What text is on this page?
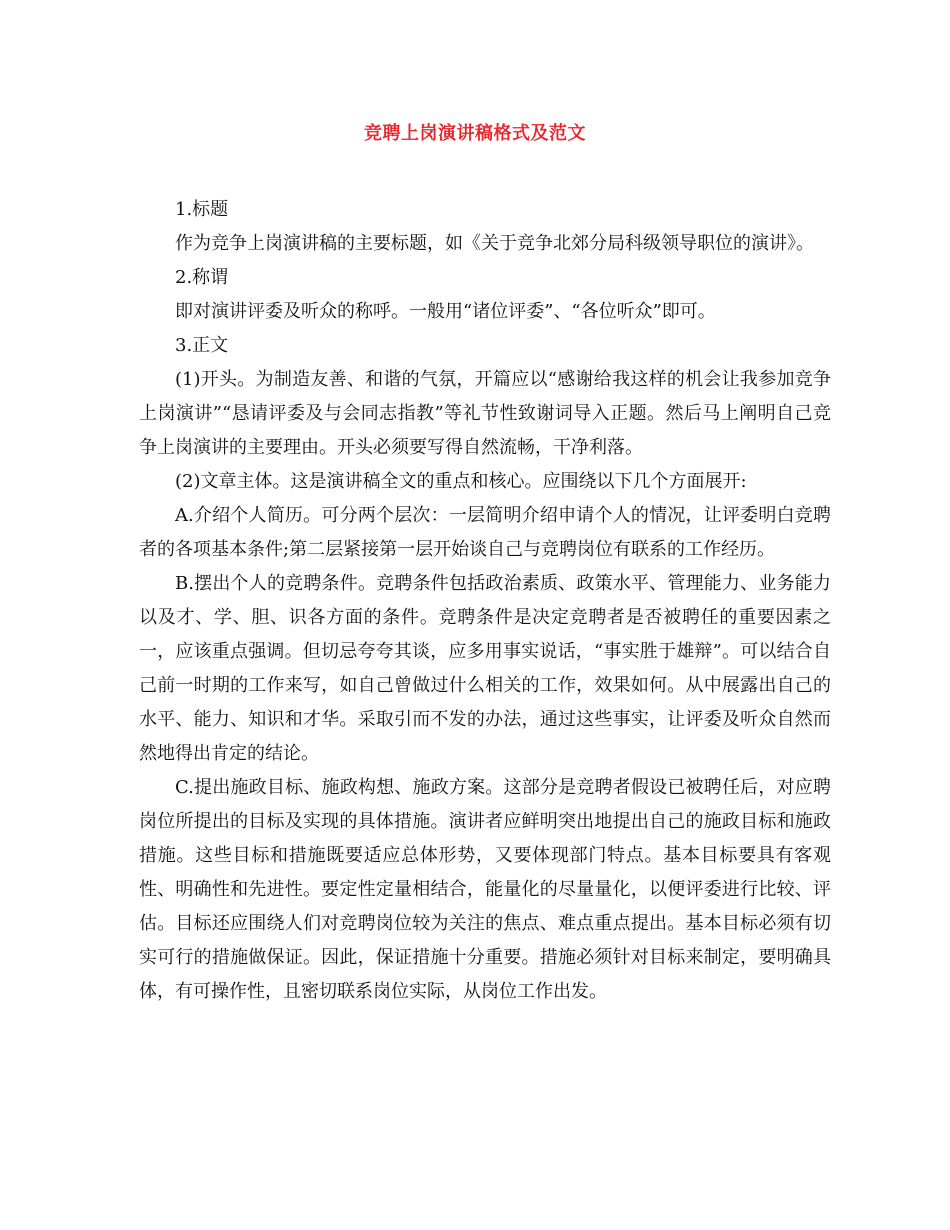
竞聘上岗演讲稿格式及范文

1.标题

作为竞争上岗演讲稿的主要标题，如《关于竞争北郊分局科级领导职位的演讲》。

2.称谓

即对演讲评委及听众的称呼。一般用“诸位评委”、“各位听众”即可。

3.正文

(1)开头。为制造友善、和谐的气氛，开篇应以“感谢给我这样的机会让我参加竞争上岗演讲”“恳请评委及与会同志指教”等礼节性致谢词导入正题。然后马上阐明自己竞争上岗演讲的主要理由。开头必须要写得自然流畅，干净利落。

(2)文章主体。这是演讲稿全文的重点和核心。应围绕以下几个方面展开:

A.介绍个人简历。可分两个层次：一层简明介绍申请个人的情况，让评委明白竞聘者的各项基本条件;第二层紧接第一层开始谈自己与竞聘岗位有联系的工作经历。

B.摆出个人的竞聘条件。竞聘条件包括政治素质、政策水平、管理能力、业务能力以及才、学、胆、识各方面的条件。竞聘条件是决定竞聘者是否被聘任的重要因素之一，应该重点强调。但切忌夸夸其谈，应多用事实说话，“事实胜于雄辩”。可以结合自己前一时期的工作来写，如自己曾做过什么相关的工作，效果如何。从中展露出自己的水平、能力、知识和才华。采取引而不发的办法，通过这些事实，让评委及听众自然而然地得出肯定的结论。

C.提出施政目标、施政构想、施政方案。这部分是竞聘者假设已被聘任后，对应聘岗位所提出的目标及实现的具体措施。演讲者应鲜明突出地提出自己的施政目标和施政措施。这些目标和措施既要适应总体形势，又要体现部门特点。基本目标要具有客观性、明确性和先进性。要定性定量相结合，能量化的尽量量化，以便评委进行比较、评估。目标还应围绕人们对竞聘岗位较为关注的焦点、难点重点提出。基本目标必须有切实可行的措施做保证。因此，保证措施十分重要。措施必须针对目标来制定，要明确具体，有可操作性，且密切联系岗位实际，从岗位工作出发。
